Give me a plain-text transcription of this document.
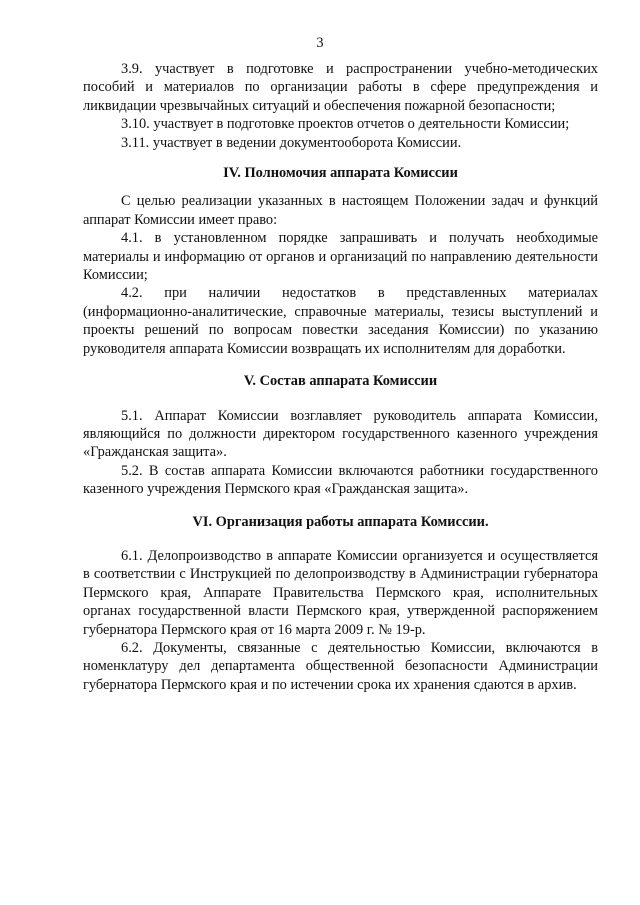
3

3.9. участвует в подготовке и распространении учебно-методических пособий и материалов по организации работы в сфере предупреждения и ликвидации чрезвычайных ситуаций и обеспечения пожарной безопасности;

3.10. участвует в подготовке проектов отчетов о деятельности Комиссии;

3.11. участвует в ведении документооборота Комиссии.

IV. Полномочия аппарата Комиссии

С целью реализации указанных в настоящем Положении задач и функций аппарат Комиссии имеет право:

4.1. в установленном порядке запрашивать и получать необходимые материалы и информацию от органов и организаций по направлению деятельности Комиссии;

4.2. при наличии недостатков в представленных материалах (информационно-аналитические, справочные материалы, тезисы выступлений и проекты решений по вопросам повестки заседания Комиссии) по указанию руководителя аппарата Комиссии возвращать их исполнителям для доработки.

V. Состав аппарата Комиссии

5.1. Аппарат Комиссии возглавляет руководитель аппарата Комиссии, являющийся по должности директором государственного казенного учреждения «Гражданская защита».

5.2. В состав аппарата Комиссии включаются работники государственного казенного учреждения Пермского края «Гражданская защита».

VI. Организация работы аппарата Комиссии.

6.1. Делопроизводство в аппарате Комиссии организуется и осуществляется в соответствии с Инструкцией по делопроизводству в Администрации губернатора Пермского края, Аппарате Правительства Пермского края, исполнительных органах государственной власти Пермского края, утвержденной распоряжением губернатора Пермского края от 16 марта 2009 г. № 19-р.

6.2. Документы, связанные с деятельностью Комиссии, включаются в номенклатуру дел департамента общественной безопасности Администрации губернатора Пермского края и по истечении срока их хранения сдаются в архив.
